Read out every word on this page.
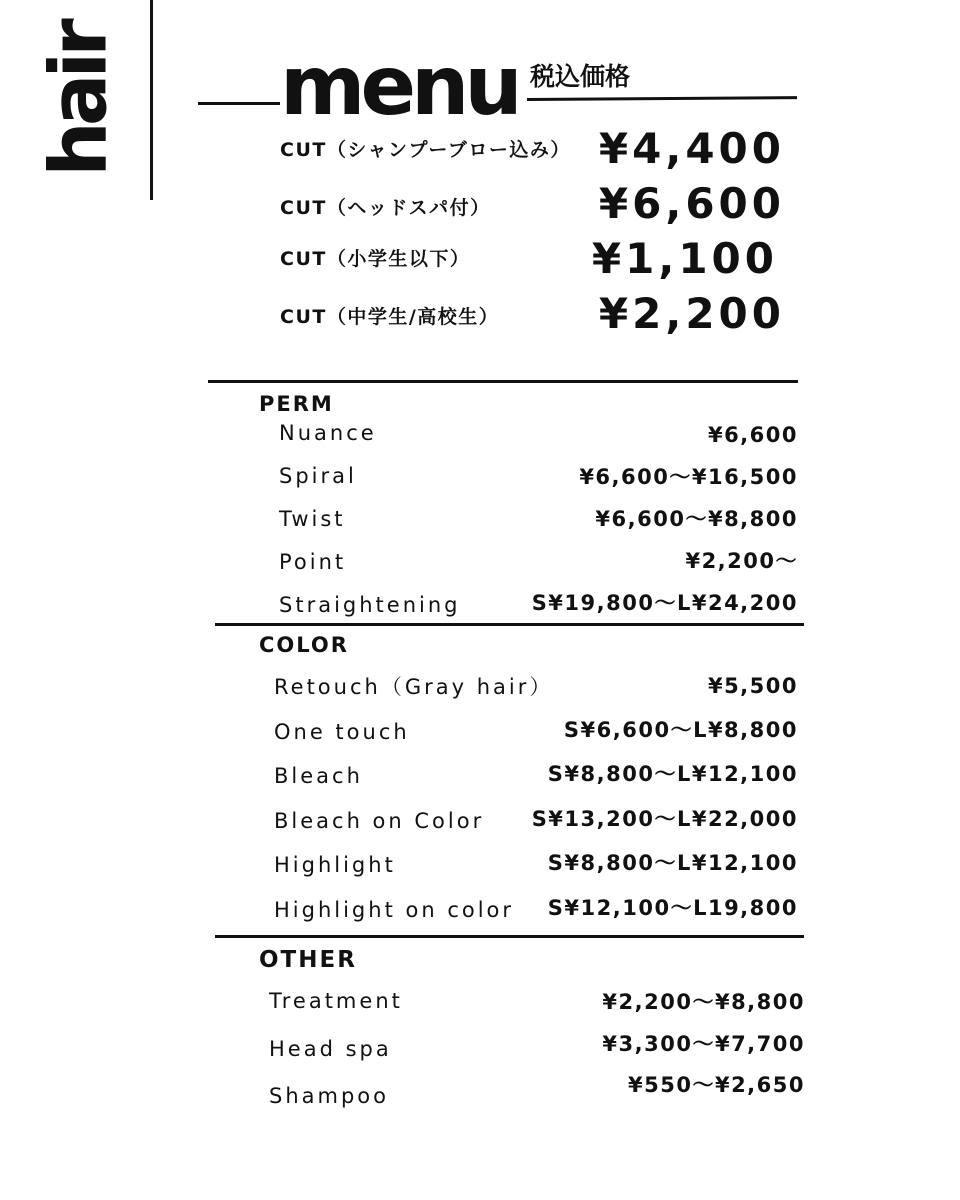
hair menu 税込価格
CUT（シャンプーブロー込み） ¥4,400
CUT（ヘッドスパ付）	¥6,600
CUT（小学生以下）	¥1,100
CUT（中学生/高校生） ¥2,200
PERM
Nuance	¥6,600
Spiral	¥6,600〜¥16,500
Twist	¥6,600〜¥8,800
Point	¥2,200〜
Straightening	S¥19,800〜L¥24,200
COLOR
Retouch（Gray hair）	¥5,500
One touch	S¥6,600〜L¥8,800
Bleach	S¥8,800〜L¥12,100
Bleach on Color S¥13,200〜L¥22,000
Highlight	S¥8,800〜L¥12,100
Highlight on color S¥12,100〜L19,800
OTHER
Treatment	¥2,200〜¥8,800
Head spa	¥3,300〜¥7,700
Shampoo	¥550〜¥2,650
